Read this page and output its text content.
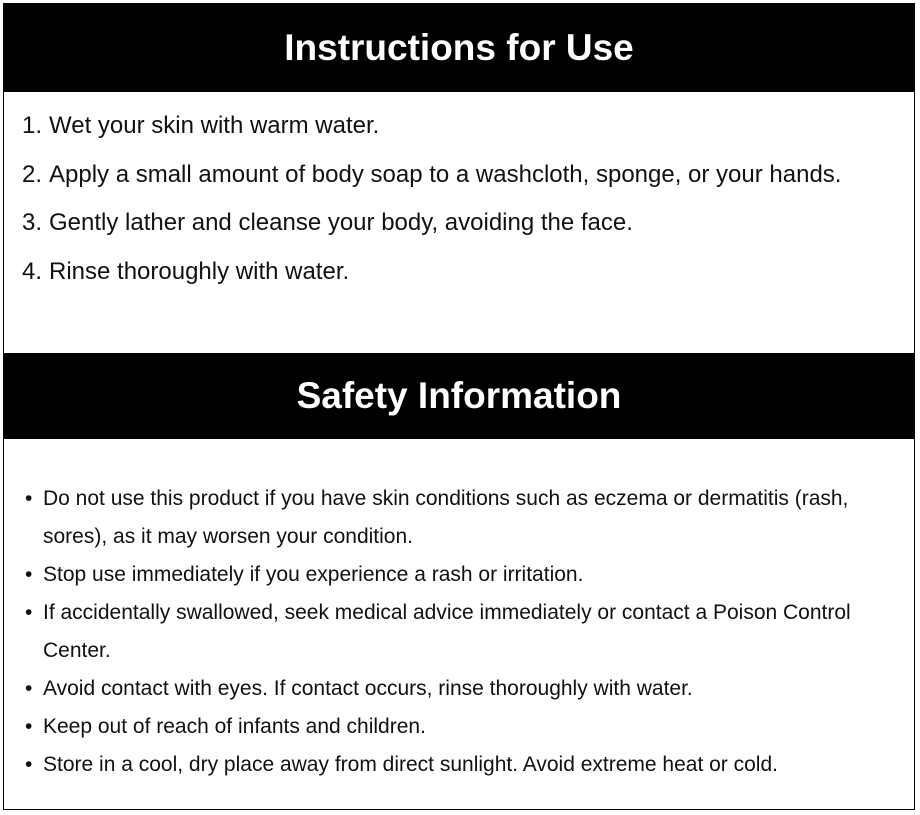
Instructions for Use
1. Wet your skin with warm water.
2. Apply a small amount of body soap to a washcloth, sponge, or your hands.
3. Gently lather and cleanse your body, avoiding the face.
4. Rinse thoroughly with water.
Safety Information
• Do not use this product if you have skin conditions such as eczema or dermatitis (rash, sores), as it may worsen your condition.
• Stop use immediately if you experience a rash or irritation.
• If accidentally swallowed, seek medical advice immediately or contact a Poison Control Center.
• Avoid contact with eyes. If contact occurs, rinse thoroughly with water.
• Keep out of reach of infants and children.
• Store in a cool, dry place away from direct sunlight. Avoid extreme heat or cold.
